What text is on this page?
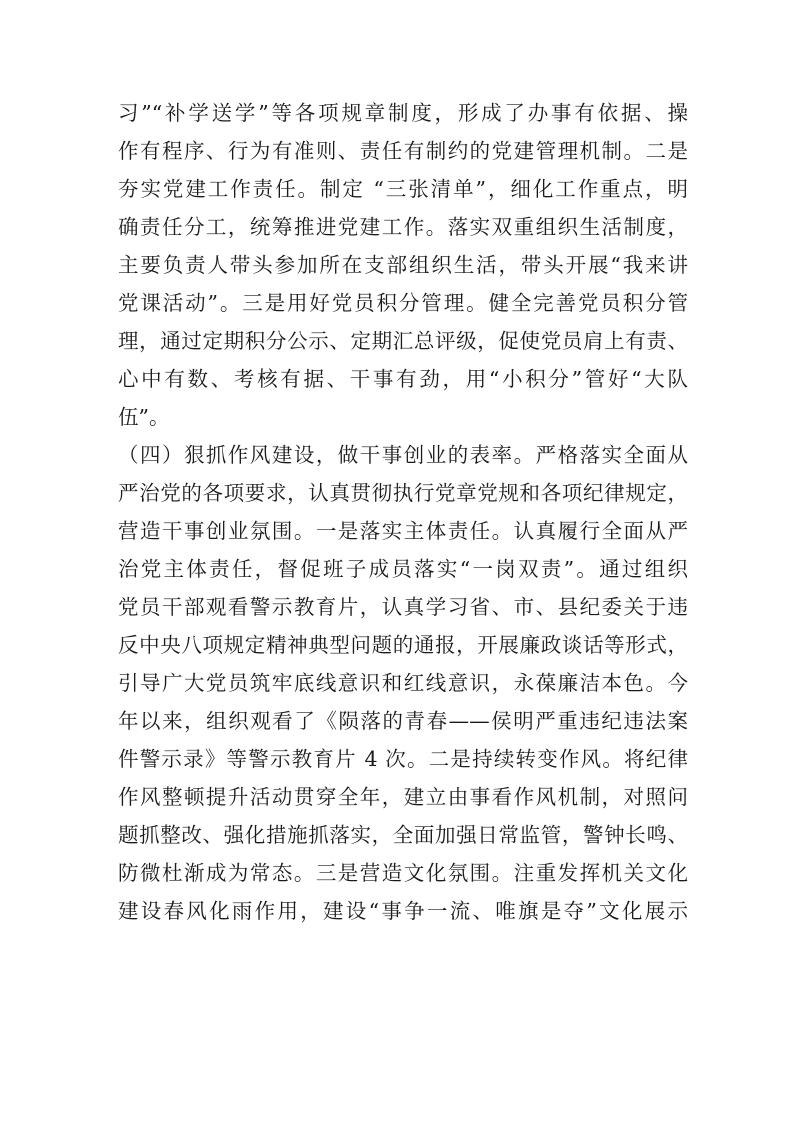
习”“补学送学”等各项规章制度，形成了办事有依据、操
作有程序、行为有准则、责任有制约的党建管理机制。二是
夯实党建工作责任。制定 “三张清单”，细化工作重点，明
确责任分工，统筹推进党建工作。落实双重组织生活制度，
主要负责人带头参加所在支部组织生活，带头开展“我来讲
党课活动”。三是用好党员积分管理。健全完善党员积分管
理，通过定期积分公示、定期汇总评级，促使党员肩上有责、
心中有数、考核有据、干事有劲，用“小积分”管好“大队
伍”。
（四）狠抓作风建设，做干事创业的表率。严格落实全面从
严治党的各项要求，认真贯彻执行党章党规和各项纪律规定，
营造干事创业氛围。一是落实主体责任。认真履行全面从严
治党主体责任，督促班子成员落实“一岗双责”。通过组织
党员干部观看警示教育片，认真学习省、市、县纪委关于违
反中央八项规定精神典型问题的通报，开展廉政谈话等形式，
引导广大党员筑牢底线意识和红线意识，永葆廉洁本色。今
年以来，组织观看了《陨落的青春——侯明严重违纪违法案
件警示录》等警示教育片 4 次。二是持续转变作风。将纪律
作风整顿提升活动贯穿全年，建立由事看作风机制，对照问
题抓整改、强化措施抓落实，全面加强日常监管，警钟长鸣、
防微杜渐成为常态。三是营造文化氛围。注重发挥机关文化
建设春风化雨作用，建设“事争一流、唯旗是夺”文化展示
